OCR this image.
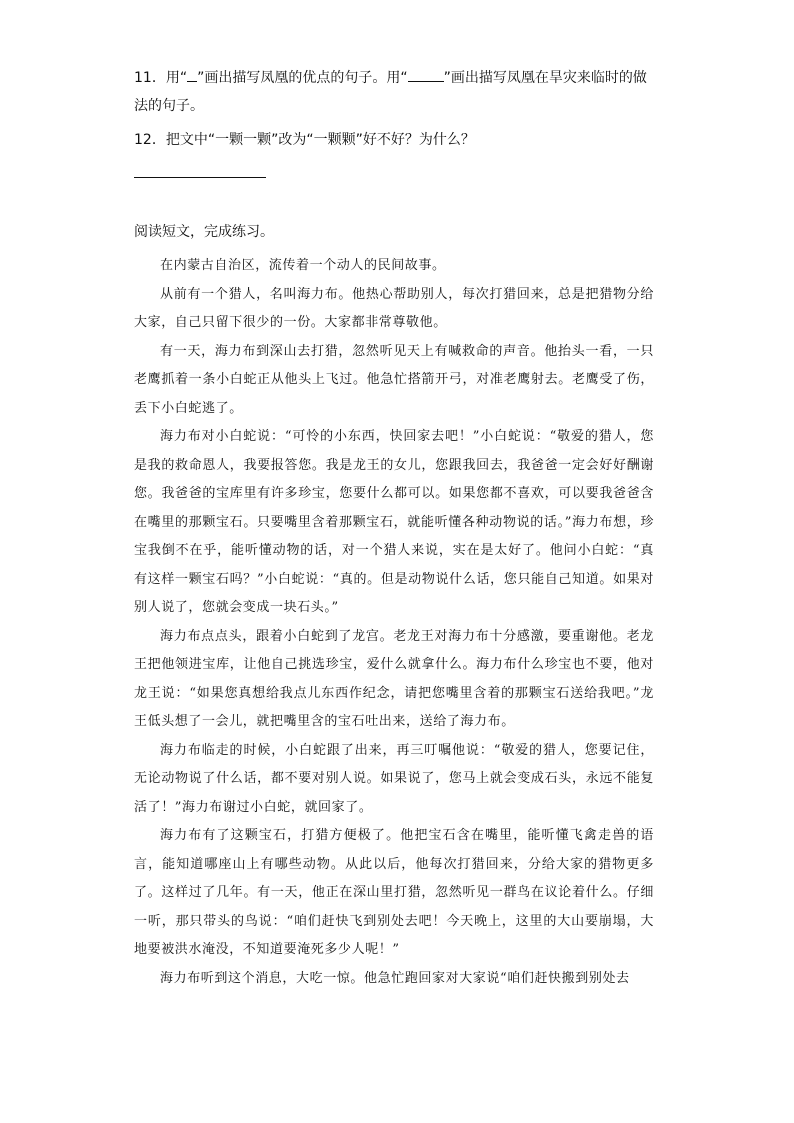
11．用“ ”画出描写凤凰的优点的句子。用“	”画出描写凤凰在旱灾来临时的做法的句子。

12．把文中“一颗一颗”改为“一颗颗”好不好？为什么？

阅读短文，完成练习。

在内蒙古自治区，流传着一个动人的民间故事。

从前有一个猎人，名叫海力布。他热心帮助别人，每次打猎回来，总是把猎物分给大家，自己只留下很少的一份。大家都非常尊敬他。

有一天，海力布到深山去打猎，忽然听见天上有喊救命的声音。他抬头一看，一只老鹰抓着一条小白蛇正从他头上飞过。他急忙搭箭开弓，对准老鹰射去。老鹰受了伤，丢下小白蛇逃了。

海力布对小白蛇说：“可怜的小东西，快回家去吧！”小白蛇说：“敬爱的猎人，您是我的救命恩人，我要报答您。我是龙王的女儿，您跟我回去，我爸爸一定会好好酬谢您。我爸爸的宝库里有许多珍宝，您要什么都可以。如果您都不喜欢，可以要我爸爸含在嘴里的那颗宝石。只要嘴里含着那颗宝石，就能听懂各种动物说的话。”海力布想，珍宝我倒不在乎，能听懂动物的话，对一个猎人来说，实在是太好了。他问小白蛇：“真有这样一颗宝石吗？”小白蛇说：“真的。但是动物说什么话，您只能自己知道。如果对别人说了，您就会变成一块石头。”

海力布点点头，跟着小白蛇到了龙宫。老龙王对海力布十分感激，要重谢他。老龙王把他领进宝库，让他自己挑选珍宝，爱什么就拿什么。海力布什么珍宝也不要，他对龙王说：“如果您真想给我点儿东西作纪念，请把您嘴里含着的那颗宝石送给我吧。”龙王低头想了一会儿，就把嘴里含的宝石吐出来，送给了海力布。

海力布临走的时候，小白蛇跟了出来，再三叮嘱他说：“敬爱的猎人，您要记住，无论动物说了什么话，都不要对别人说。如果说了，您马上就会变成石头，永远不能复活了！”海力布谢过小白蛇，就回家了。

海力布有了这颗宝石，打猎方便极了。他把宝石含在嘴里，能听懂飞禽走兽的语言，能知道哪座山上有哪些动物。从此以后，他每次打猎回来，分给大家的猎物更多了。这样过了几年。有一天，他正在深山里打猎，忽然听见一群鸟在议论着什么。仔细一听，那只带头的鸟说：“咱们赶快飞到别处去吧！今天晚上，这里的大山要崩塌，大地要被洪水淹没，不知道要淹死多少人呢！”

海力布听到这个消息，大吃一惊。他急忙跑回家对大家说“咱们赶快搬到别处去
